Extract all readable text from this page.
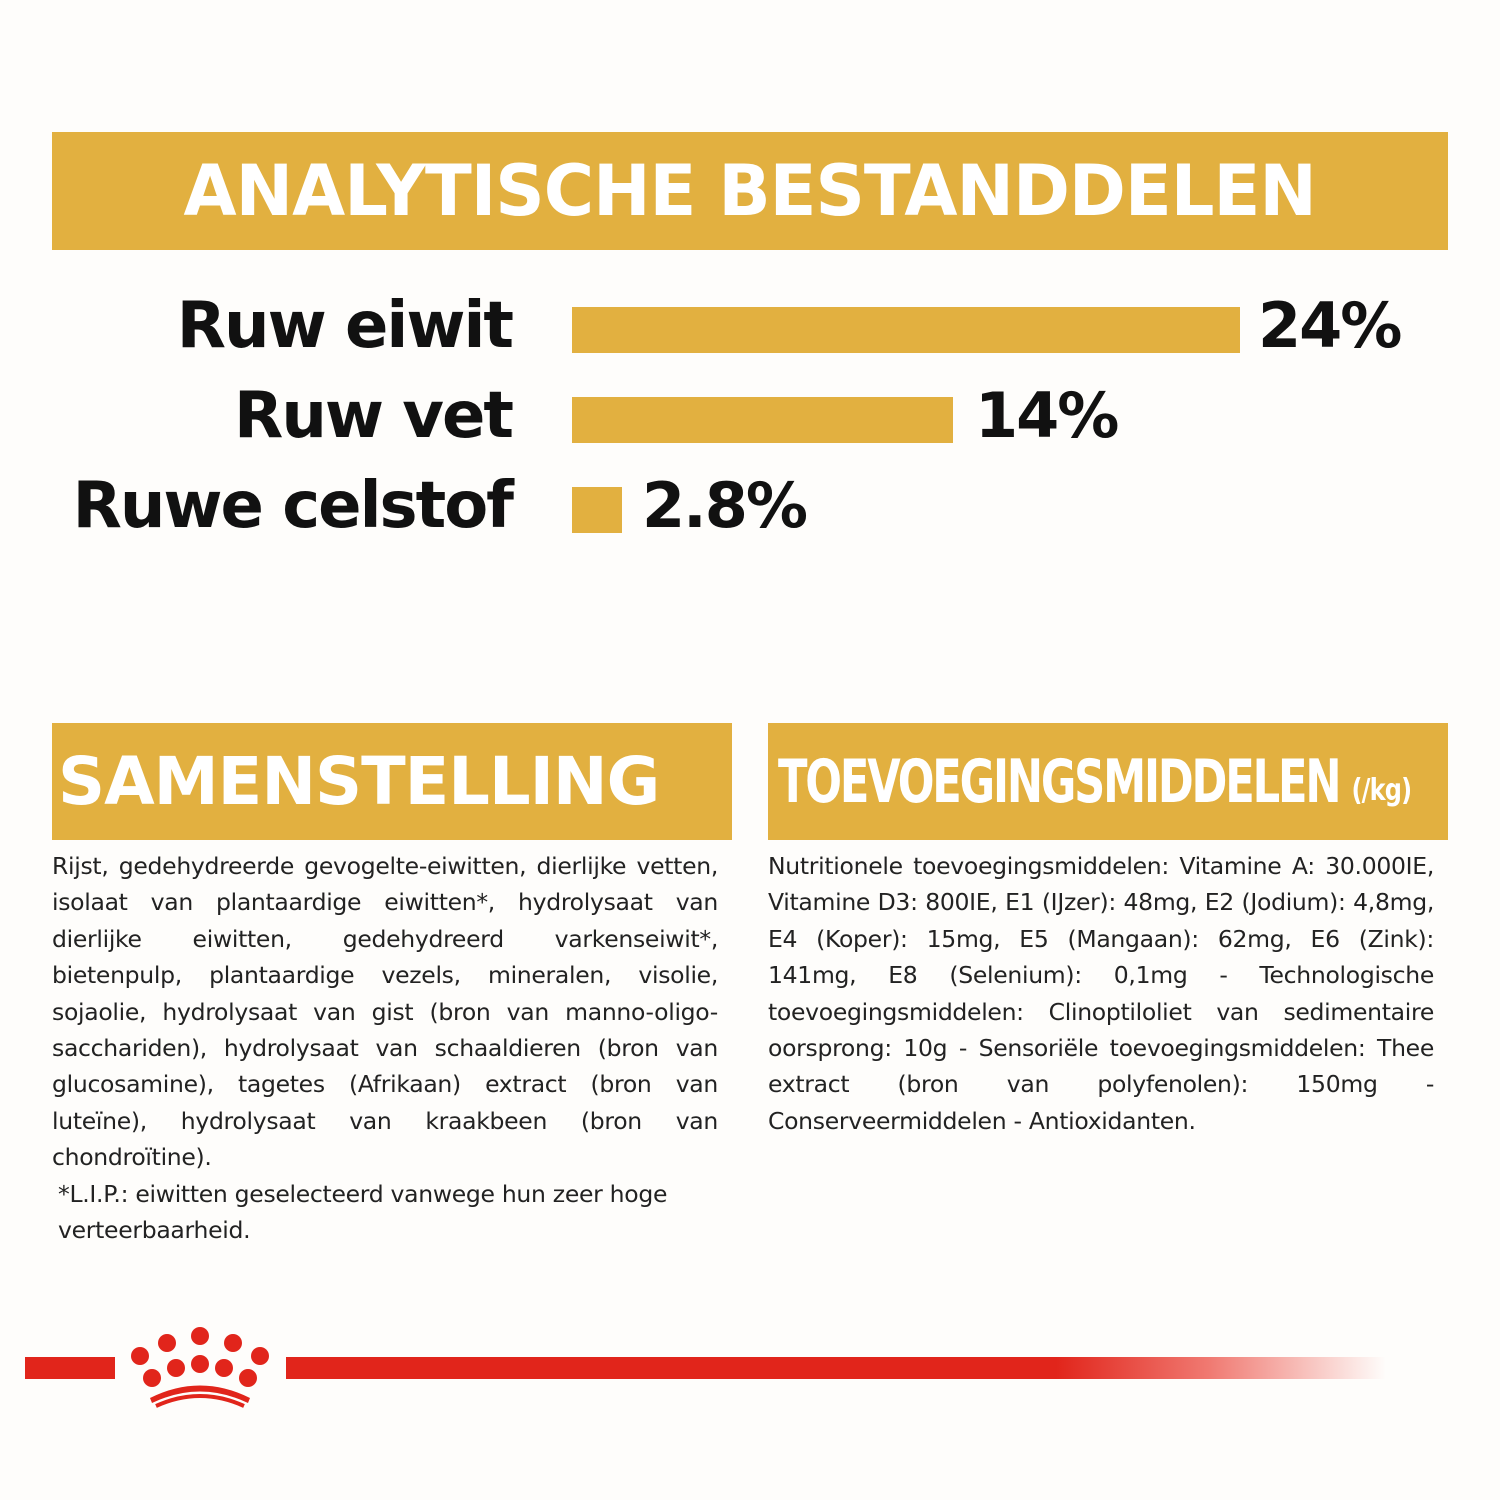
ANALYTISCHE BESTANDDELEN
Ruw eiwit	24%
Ruw vet	14%
Ruwe celstof 2.8%
SAMENSTELLING TOEVOEGINGSMIDDELEN (/kg)
Rijst, gedehydreerde gevogelte-eiwitten, dierlijke vetten, isolaat van plantaardige eiwitten*, hydrolysaat van dierlijke eiwitten, gedehydreerd varkenseiwit*, bietenpulp, plantaardige vezels, mineralen, visolie, sojaolie, hydrolysaat van gist (bron van manno-oligo-sacchariden), hydrolysaat van schaaldieren (bron van glucosamine), tagetes (Afrikaan) extract (bron van luteïne), hydrolysaat van kraakbeen (bron van chondroïtine).
*L.I.P.: eiwitten geselecteerd vanwege hun zeer hoge verteerbaarheid.
Nutritionele toevoegingsmiddelen: Vitamine A: 30.000IE, Vitamine D3: 800IE, E1 (IJzer): 48mg, E2 (Jodium): 4,8mg, E4 (Koper): 15mg, E5 (Mangaan): 62mg, E6 (Zink): 141mg, E8 (Selenium): 0,1mg - Technologische toevoegingsmiddelen: Clinoptiloliet van sedimentaire oorsprong: 10g - Sensoriële toevoegingsmiddelen: Thee extract (bron van polyfenolen): 150mg - Conserveermiddelen - Antioxidanten.
